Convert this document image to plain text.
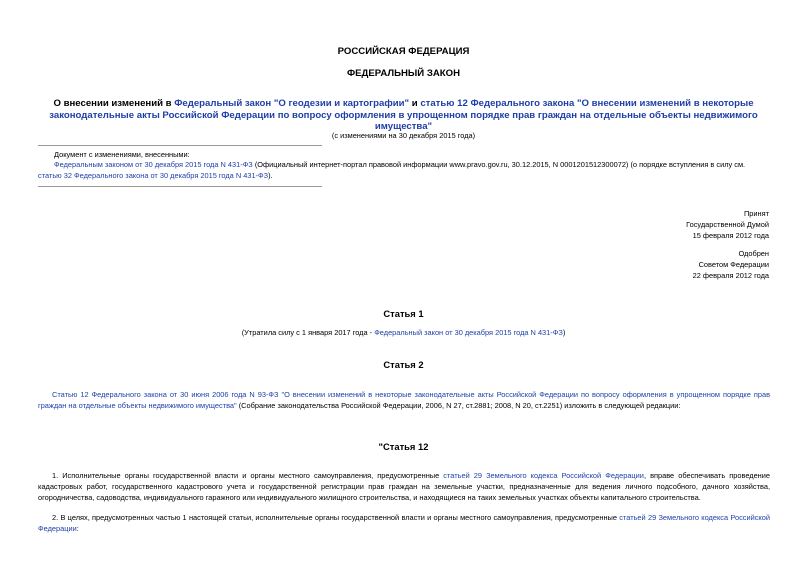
РОССИЙСКАЯ ФЕДЕРАЦИЯ
ФЕДЕРАЛЬНЫЙ ЗАКОН
О внесении изменений в Федеральный закон "О геодезии и картографии" и статью 12 Федерального закона "О внесении изменений в некоторые законодательные акты Российской Федерации по вопросу оформления в упрощенном порядке прав граждан на отдельные объекты недвижимого имущества"
(с изменениями на 30 декабря 2015 года)
Документ с изменениями, внесенными:
Федеральным законом от 30 декабря 2015 года N 431-ФЗ (Официальный интернет-портал правовой информации www.pravo.gov.ru, 30.12.2015, N 0001201512300072) (о порядке вступления в силу см. статью 32 Федерального закона от 30 декабря 2015 года N 431-ФЗ).
Принят
Государственной Думой
15 февраля 2012 года
Одобрен
Советом Федерации
22 февраля 2012 года
Статья 1
(Утратила силу с 1 января 2017 года - Федеральный закон от 30 декабря 2015 года N 431-ФЗ)
Статья 2
Статью 12 Федерального закона от 30 июня 2006 года N 93-ФЗ "О внесении изменений в некоторые законодательные акты Российской Федерации по вопросу оформления в упрощенном порядке прав граждан на отдельные объекты недвижимого имущества" (Собрание законодательства Российской Федерации, 2006, N 27, ст.2881; 2008, N 20, ст.2251) изложить в следующей редакции:
"Статья 12
1. Исполнительные органы государственной власти и органы местного самоуправления, предусмотренные статьей 29 Земельного кодекса Российской Федерации, вправе обеспечивать проведение кадастровых работ, государственного кадастрового учета и государственной регистрации прав граждан на земельные участки, предназначенные для ведения личного подсобного, дачного хозяйства, огородничества, садоводства, индивидуального гаражного или индивидуального жилищного строительства, и находящиеся на таких земельных участках объекты капитального строительства.
2. В целях, предусмотренных частью 1 настоящей статьи, исполнительные органы государственной власти и органы местного самоуправления, предусмотренные статьей 29 Земельного кодекса Российской Федерации:
